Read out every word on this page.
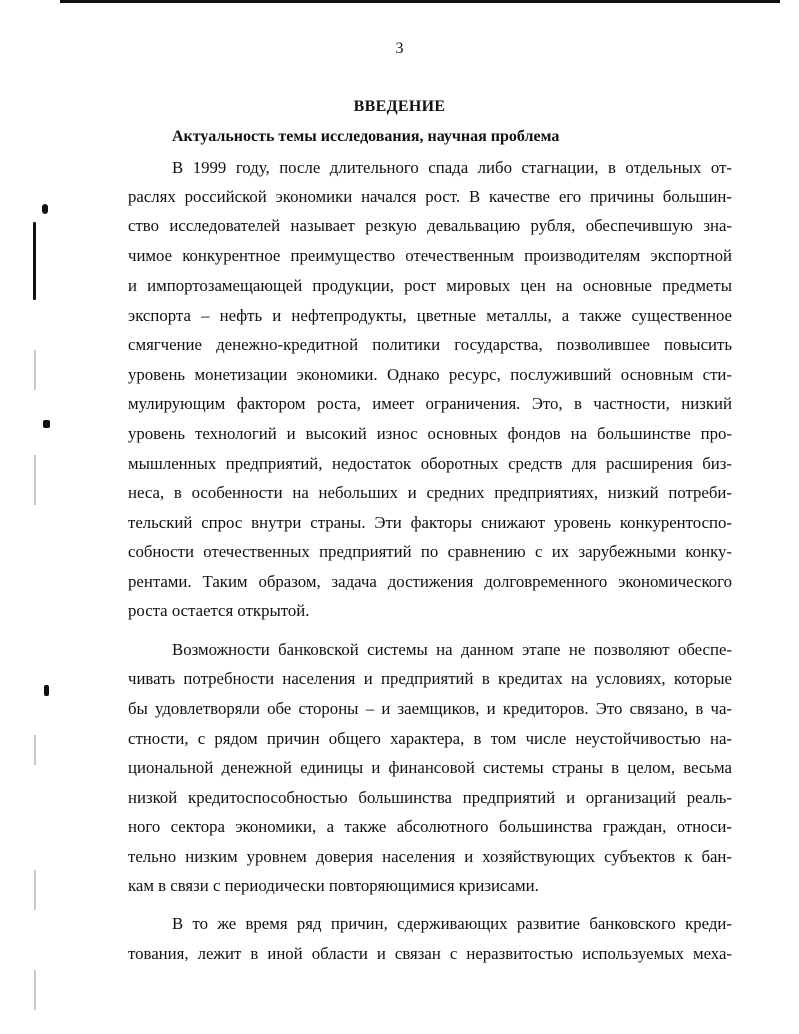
3
ВВЕДЕНИЕ
Актуальность темы исследования, научная проблема
В 1999 году, после длительного спада либо стагнации, в отдельных от-
раслях российской экономики начался рост. В качестве его причины большин-
ство исследователей называет резкую девальвацию рубля, обеспечившую зна-
чимое конкурентное преимущество отечественным производителям экспортной
и импортозамещающей продукции, рост мировых цен на основные предметы
экспорта – нефть и нефтепродукты, цветные металлы, а также существенное
смягчение денежно-кредитной политики государства, позволившее повысить
уровень монетизации экономики. Однако ресурс, послуживший основным сти-
мулирующим фактором роста, имеет ограничения. Это, в частности, низкий
уровень технологий и высокий износ основных фондов на большинстве про-
мышленных предприятий, недостаток оборотных средств для расширения биз-
неса, в особенности на небольших и средних предприятиях, низкий потреби-
тельский спрос внутри страны. Эти факторы снижают уровень конкурентоспо-
собности отечественных предприятий по сравнению с их зарубежными конку-
рентами. Таким образом, задача достижения долговременного экономического
роста остается открытой.
Возможности банковской системы на данном этапе не позволяют обеспе-
чивать потребности населения и предприятий в кредитах на условиях, которые
бы удовлетворяли обе стороны – и заемщиков, и кредиторов. Это связано, в ча-
стности, с рядом причин общего характера, в том числе неустойчивостью на-
циональной денежной единицы и финансовой системы страны в целом, весьма
низкой кредитоспособностью большинства предприятий и организаций реаль-
ного сектора экономики, а также абсолютного большинства граждан, относи-
тельно низким уровнем доверия населения и хозяйствующих субъектов к бан-
кам в связи с периодически повторяющимися кризисами.
В то же время ряд причин, сдерживающих развитие банковского креди-
тования, лежит в иной области и связан с неразвитостью используемых меха-
